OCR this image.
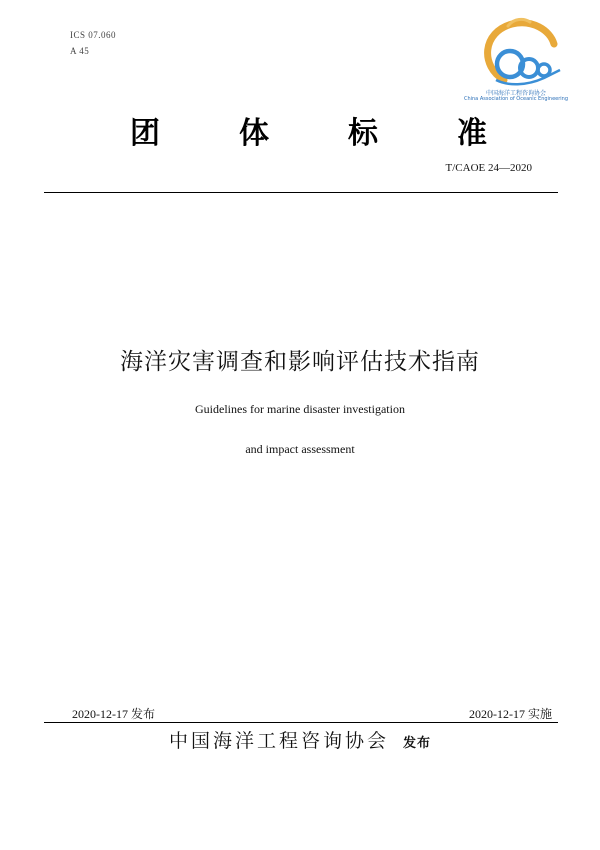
ICS 07.060
A 45
中国海洋工程咨询协会
China Association of Oceanic Engineering
团	体	标	准
T/CAOE 24—2020
海洋灾害调查和影响评估技术指南
Guidelines for marine disaster investigation
and impact assessment
2020-12-17 发布	2020-12-17 实施
中国海洋工程咨询协会 发布
